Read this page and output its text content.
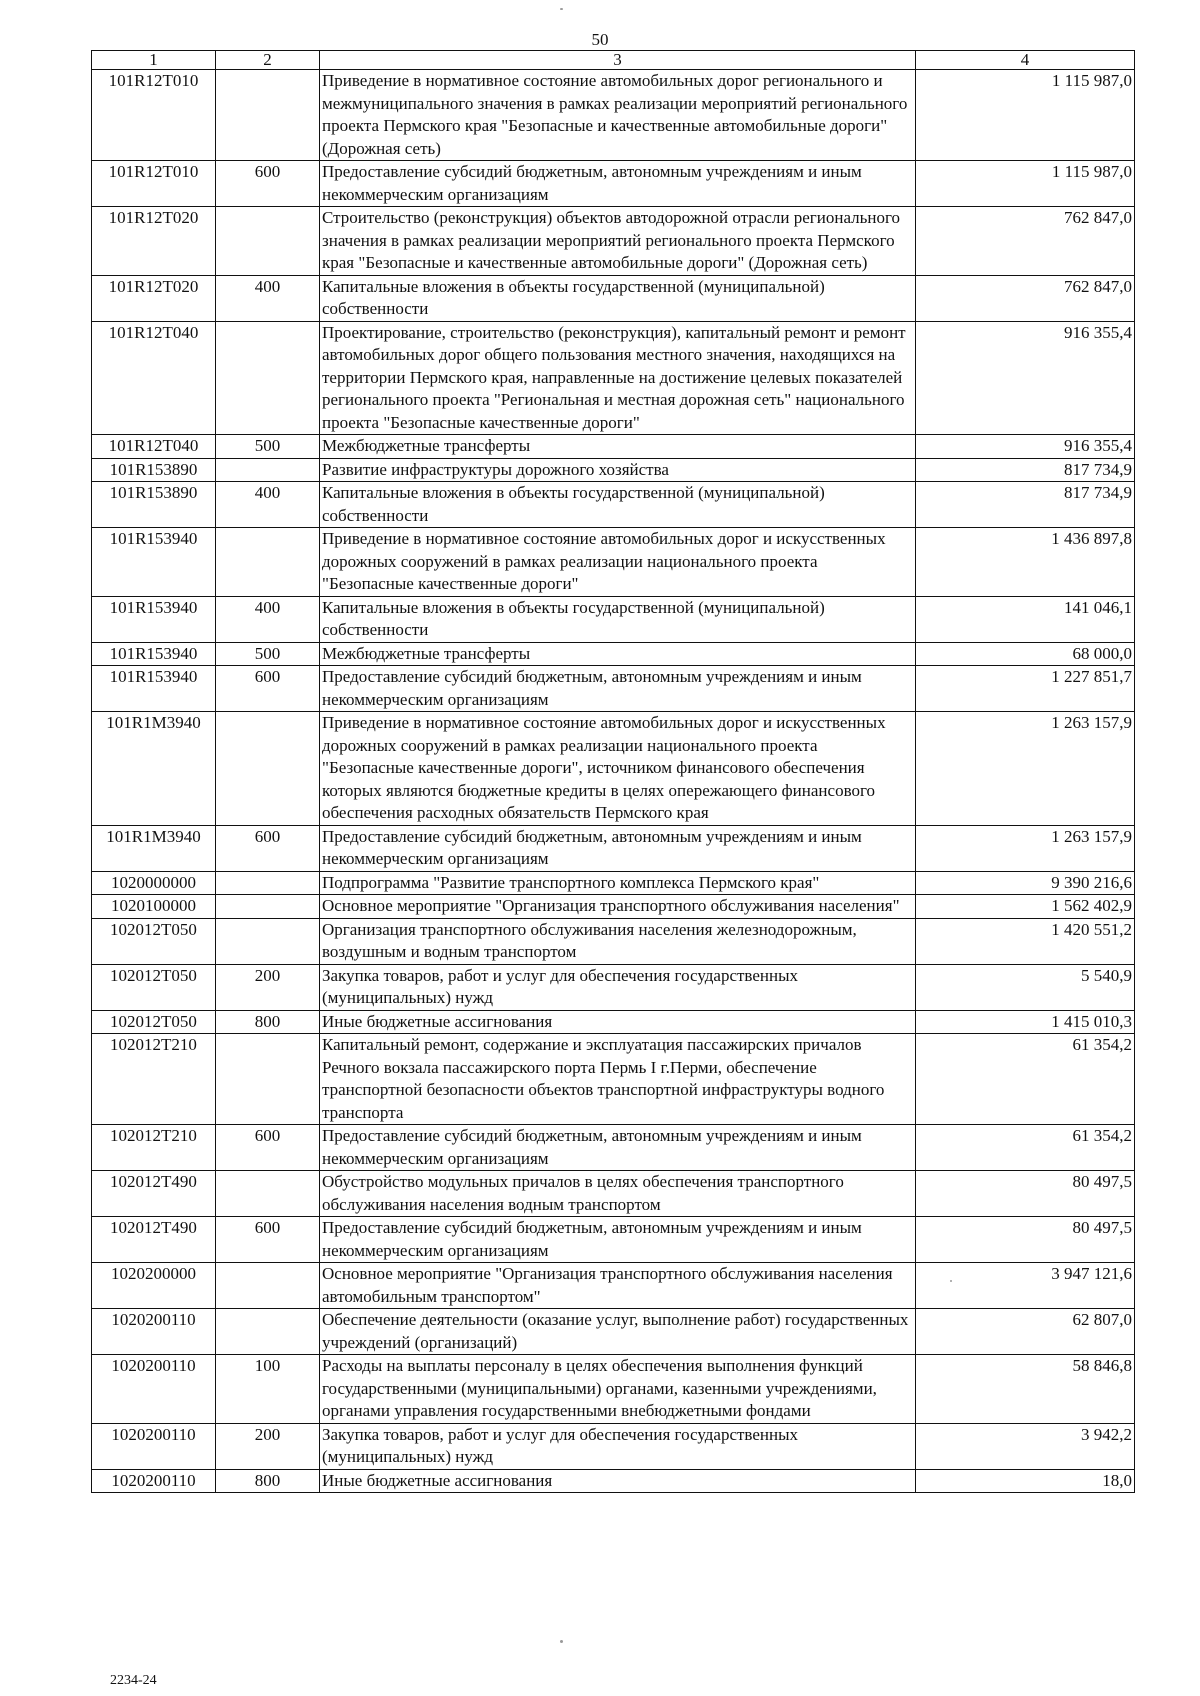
50
1	2	3	4
101R12T010		Приведение в нормативное состояние автомобильных дорог регионального и межмуниципального значения в рамках реализации мероприятий регионального проекта Пермского края "Безопасные и качественные автомобильные дороги" (Дорожная сеть)	1 115 987,0
101R12T010	600	Предоставление субсидий бюджетным, автономным учреждениям и иным некоммерческим организациям	1 115 987,0
101R12T020		Строительство (реконструкция) объектов автодорожной отрасли регионального значения в рамках реализации мероприятий регионального проекта Пермского края "Безопасные и качественные автомобильные дороги" (Дорожная сеть)	762 847,0
101R12T020	400	Капитальные вложения в объекты государственной (муниципальной) собственности	762 847,0
101R12T040		Проектирование, строительство (реконструкция), капитальный ремонт и ремонт автомобильных дорог общего пользования местного значения, находящихся на территории Пермского края, направленные на достижение целевых показателей регионального проекта "Региональная и местная дорожная сеть" национального проекта "Безопасные качественные дороги"	916 355,4
101R12T040	500	Межбюджетные трансферты	916 355,4
101R153890		Развитие инфраструктуры дорожного хозяйства	817 734,9
101R153890	400	Капитальные вложения в объекты государственной (муниципальной) собственности	817 734,9
101R153940		Приведение в нормативное состояние автомобильных дорог и искусственных дорожных сооружений в рамках реализации национального проекта "Безопасные качественные дороги"	1 436 897,8
101R153940	400	Капитальные вложения в объекты государственной (муниципальной) собственности	141 046,1
101R153940	500	Межбюджетные трансферты	68 000,0
101R153940	600	Предоставление субсидий бюджетным, автономным учреждениям и иным некоммерческим организациям	1 227 851,7
101R1M3940		Приведение в нормативное состояние автомобильных дорог и искусственных дорожных сооружений в рамках реализации национального проекта "Безопасные качественные дороги", источником финансового обеспечения которых являются бюджетные кредиты в целях опережающего финансового обеспечения расходных обязательств Пермского края	1 263 157,9
101R1M3940	600	Предоставление субсидий бюджетным, автономным учреждениям и иным некоммерческим организациям	1 263 157,9
1020000000		Подпрограмма "Развитие транспортного комплекса Пермского края"	9 390 216,6
1020100000		Основное мероприятие "Организация транспортного обслуживания населения"	1 562 402,9
102012Т050		Организация транспортного обслуживания населения железнодорожным, воздушным и водным транспортом	1 420 551,2
102012Т050	200	Закупка товаров, работ и услуг для обеспечения государственных (муниципальных) нужд	5 540,9
102012Т050	800	Иные бюджетные ассигнования	1 415 010,3
102012Т210		Капитальный ремонт, содержание и эксплуатация пассажирских причалов Речного вокзала пассажирского порта Пермь I г.Перми, обеспечение транспортной безопасности объектов транспортной инфраструктуры водного транспорта	61 354,2
102012Т210	600	Предоставление субсидий бюджетным, автономным учреждениям и иным некоммерческим организациям	61 354,2
102012Т490		Обустройство модульных причалов в целях обеспечения транспортного обслуживания населения водным транспортом	80 497,5
102012Т490	600	Предоставление субсидий бюджетным, автономным учреждениям и иным некоммерческим организациям	80 497,5
1020200000		Основное мероприятие "Организация транспортного обслуживания населения автомобильным транспортом"	3 947 121,6
1020200110		Обеспечение деятельности (оказание услуг, выполнение работ) государственных учреждений (организаций)	62 807,0
1020200110	100	Расходы на выплаты персоналу в целях обеспечения выполнения функций государственными (муниципальными) органами, казенными учреждениями, органами управления государственными внебюджетными фондами	58 846,8
1020200110	200	Закупка товаров, работ и услуг для обеспечения государственных (муниципальных) нужд	3 942,2
1020200110	800	Иные бюджетные ассигнования	18,0
2234-24
